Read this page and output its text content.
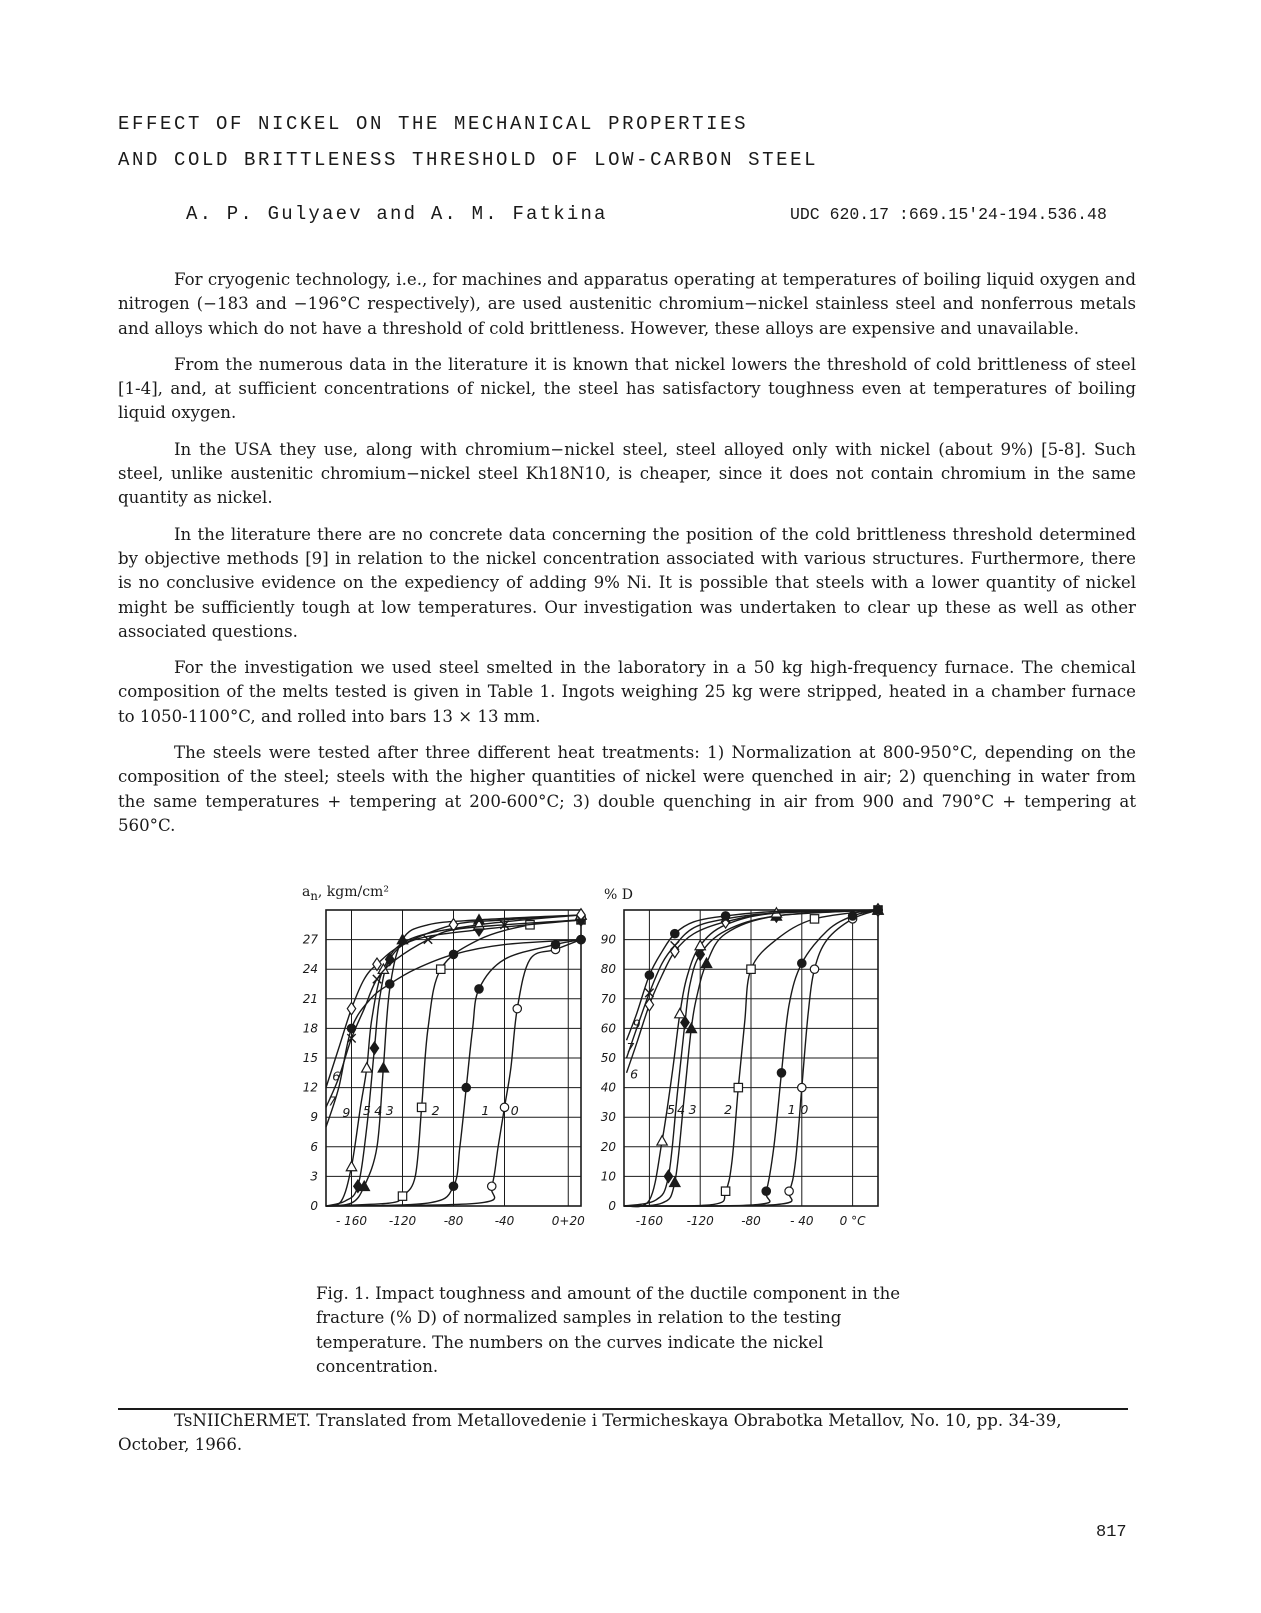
EFFECT OF NICKEL ON THE MECHANICAL PROPERTIES
AND COLD BRITTLENESS THRESHOLD OF LOW-CARBON STEEL
A. P. Gulyaev and A. M. Fatkina	UDC 620.17 :669.15'24-194.536.48

For cryogenic technology, i.e., for machines and apparatus operating at temperatures of boiling liquid oxygen and nitrogen (−183 and −196°C respectively), are used austenitic chromium−nickel stainless steel and nonferrous metals and alloys which do not have a threshold of cold brittleness. However, these alloys are expensive and unavailable.

From the numerous data in the literature it is known that nickel lowers the threshold of cold brittleness of steel [1-4], and, at sufficient concentrations of nickel, the steel has satisfactory toughness even at temperatures of boiling liquid oxygen.

In the USA they use, along with chromium−nickel steel, steel alloyed only with nickel (about 9%) [5-8]. Such steel, unlike austenitic chromium−nickel steel Kh18N10, is cheaper, since it does not contain chromium in the same quantity as nickel.

In the literature there are no concrete data concerning the position of the cold brittleness threshold determined by objective methods [9] in relation to the nickel concentration associated with various structures. Furthermore, there is no conclusive evidence on the expediency of adding 9% Ni. It is possible that steels with a lower quantity of nickel might be sufficiently tough at low temperatures. Our investigation was undertaken to clear up these as well as other associated questions.

For the investigation we used steel smelted in the laboratory in a 50 kg high-frequency furnace. The chemical composition of the melts tested is given in Table 1. Ingots weighing 25 kg were stripped, heated in a chamber furnace to 1050-1100°C, and rolled into bars 13 × 13 mm.

The steels were tested after three different heat treatments: 1) Normalization at 800-950°C, depending on the composition of the steel; steels with the higher quantities of nickel were quenched in air; 2) quenching in water from the same temperatures + tempering at 200-600°C; 3) double quenching in air from 900 and 790°C + tempering at 560°C.

$a_n$, kgm/cm²
0
3
6
9
12
15
18
21
24
27
- 160 -120 -80	-40	0+20
0
1
2
3
4
5
6
7
9
% D
0
10
20
30
40
50
60
70
80
90
-160 -120 -80 - 40 0 °C
0
1
2
3
4
5
6
7
9
Fig. 1. Impact toughness and amount of the ductile component in the fracture (% D) of normalized samples in relation to the testing temperature. The numbers on the curves indicate the nickel concentration.

TsNIIChERMET. Translated from Metallovedenie i Termicheskaya Obrabotka Metallov, No. 10, pp. 34-39, October, 1966.

817
